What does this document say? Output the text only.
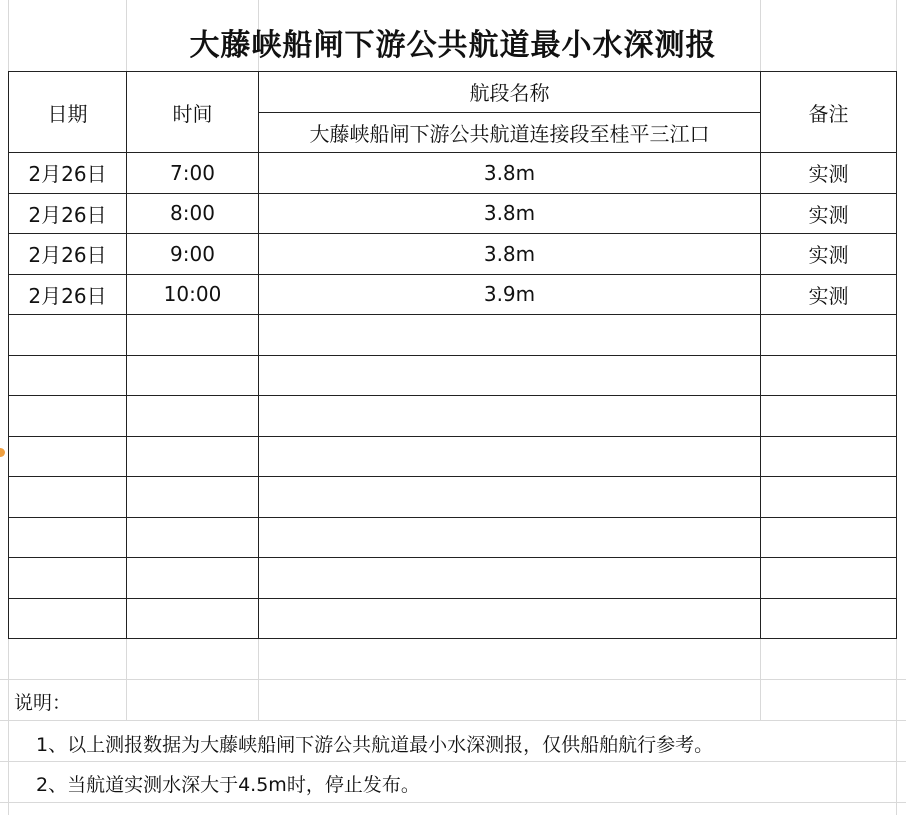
大藤峡船闸下游公共航道最小水深测报
日期	时间	航段名称	备注
		大藤峡船闸下游公共航道连接段至桂平三江口	
2月26日	7:00	3.8m	实测
2月26日	8:00	3.8m	实测
2月26日	9:00	3.8m	实测
2月26日	10:00	3.9m	实测

说明：
1、以上测报数据为大藤峡船闸下游公共航道最小水深测报，仅供船舶航行参考。
2、当航道实测水深大于4.5m时，停止发布。
